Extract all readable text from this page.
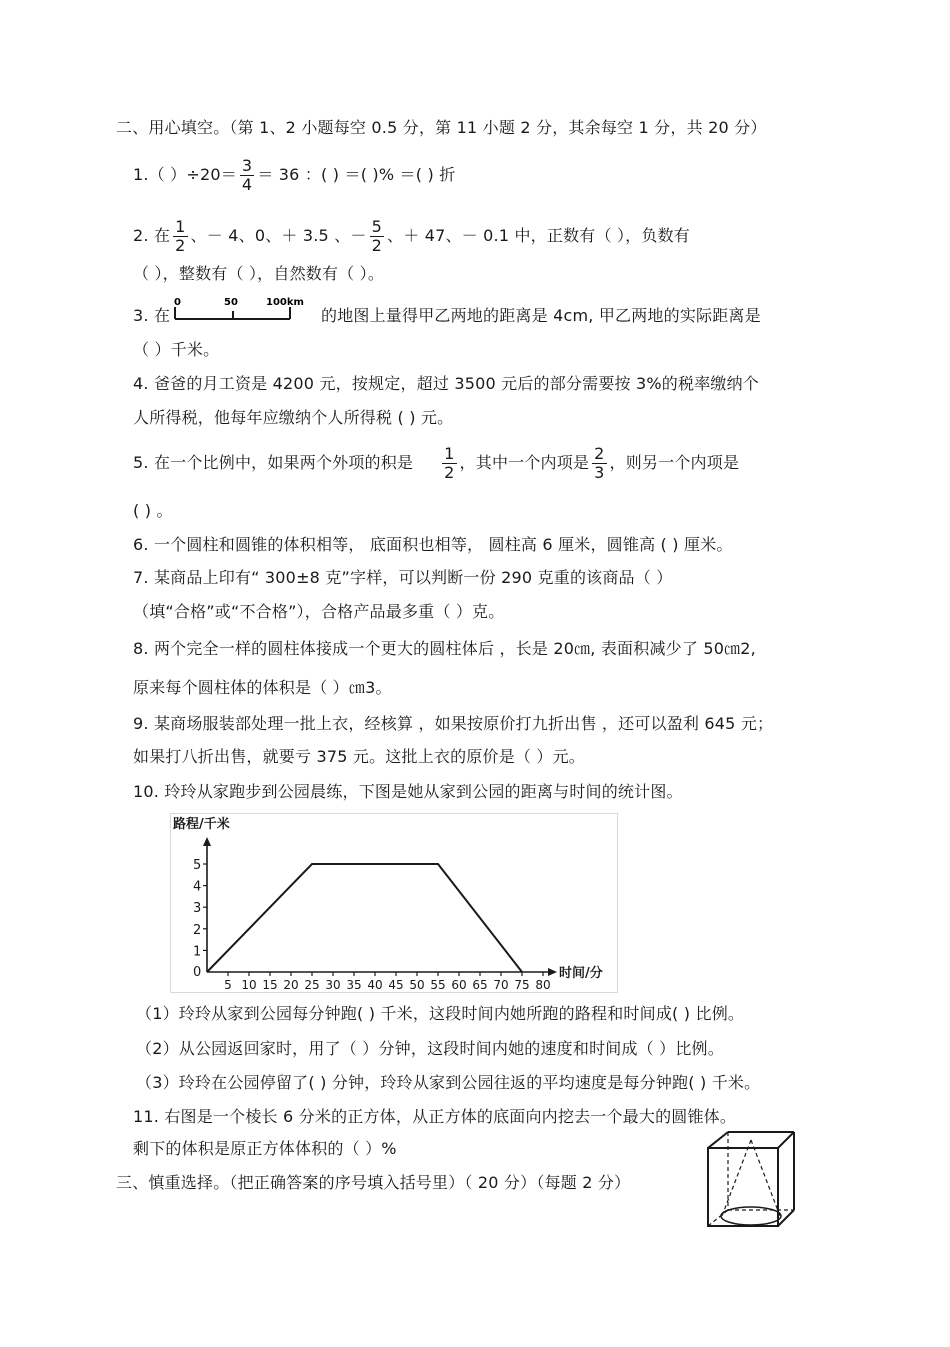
二、用心填空。（第 1、2 小题每空 0.5 分，第 11 小题 2 分，其余每空 1 分，共 20 分）
1.（ ）$\div 20= \frac{3}{4} = 36$ ：( ) ＝( )% ＝( ) 折
2. 在 $\frac{1}{2}$ 、－ 4、0、＋ 3.5 、－ $\frac{5}{2}$ 、＋ 47、－ 0.1 中，正数有（ ），负数有
（ ），整数有（ ），自然数有（ ）。
3. 在
0	50	100km
的地图上量得甲乙两地的距离是 4cm, 甲乙两地的实际距离是
（ ）千米。
4. 爸爸的月工资是 4200 元，按规定，超过 3500 元后的部分需要按 3%的税率缴纳个
人所得税，他每年应缴纳个人所得税 ( ) 元。
5. 在一个比例中，如果两个外项的积是 $\frac{1}{2}$ ，其中一个内项是 $\frac{2}{3}$ ，则另一个内项是
( ) 。
6. 一个圆柱和圆锥的体积相等， 底面积也相等， 圆柱高 6 厘米，圆锥高 ( ) 厘米。
7. 某商品上印有“ 300±8 克”字样，可以判断一份 290 克重的该商品（ ）
（填“合格”或“不合格”），合格产品最多重（ ）克。
8. 两个完全一样的圆柱体接成一个更大的圆柱体后 ，长是 20㎝, 表面积减少了 50㎝2,
原来每个圆柱体的体积是（ ）㎝3。
9. 某商场服装部处理一批上衣，经核算 ，如果按原价打九折出售 ，还可以盈利 645 元；
如果打八折出售，就要亏 375 元。这批上衣的原价是（ ）元。
10. 玲玲从家跑步到公园晨练，下图是她从家到公园的距离与时间的统计图。
路程/千米
时间/分
0
1
2
3
4
5
5 10 15 20 25 30 35 40 45 50 55 60 65 70 75 80
（1）玲玲从家到公园每分钟跑( ) 千米，这段时间内她所跑的路程和时间成( ) 比例。
（2）从公园返回家时，用了（ ）分钟，这段时间内她的速度和时间成（ ）比例。
（3）玲玲在公园停留了( ) 分钟，玲玲从家到公园往返的平均速度是每分钟跑( ) 千米。
11. 右图是一个棱长 6 分米的正方体，从正方体的底面向内挖去一个最大的圆锥体。
剩下的体积是原正方体体积的（ ）%
三、慎重选择。（把正确答案的序号填入括号里）（ 20 分）（每题 2 分）
